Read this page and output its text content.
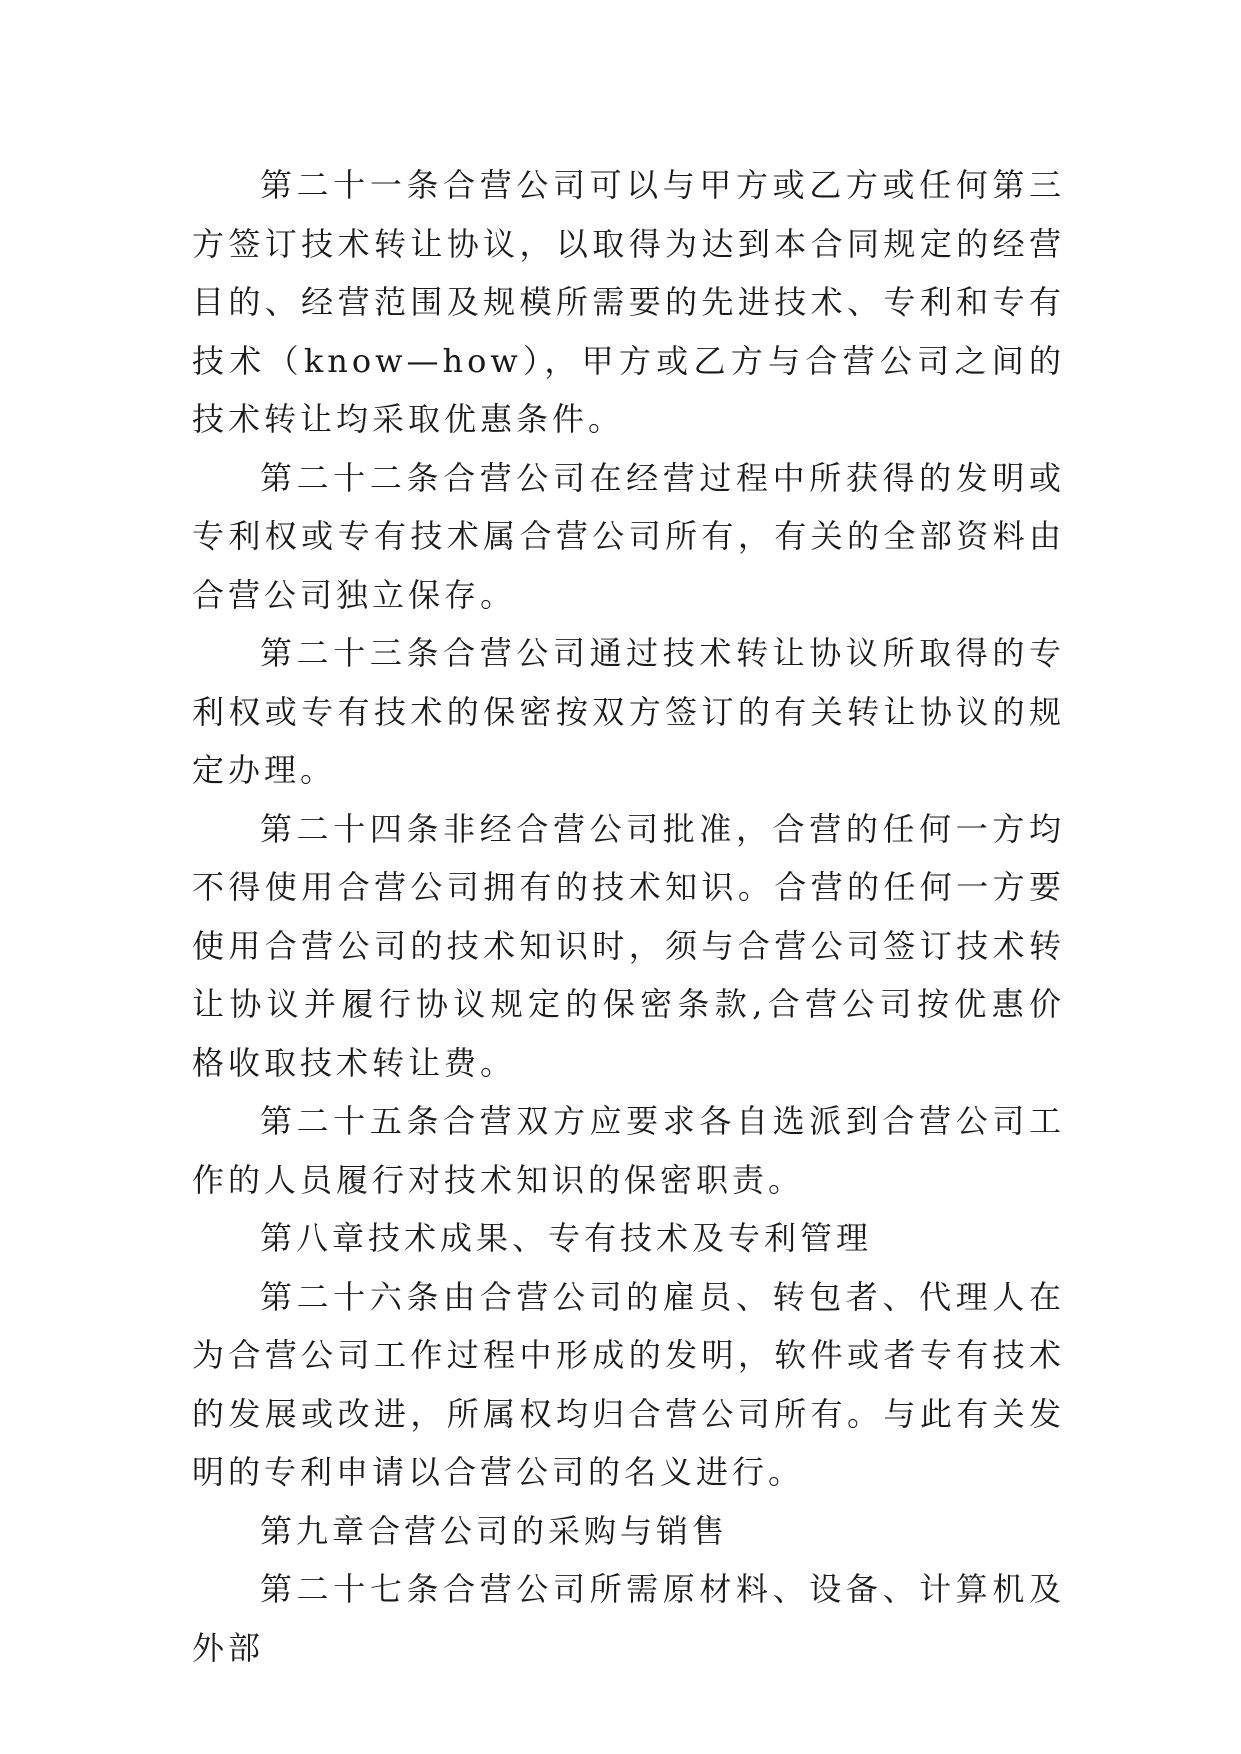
第二十一条合营公司可以与甲方或乙方或任何第三方签订技术转让协议，以取得为达到本合同规定的经营目的、经营范围及规模所需要的先进技术、专利和专有技术（know—how），甲方或乙方与合营公司之间的技术转让均采取优惠条件。

第二十二条合营公司在经营过程中所获得的发明或专利权或专有技术属合营公司所有，有关的全部资料由合营公司独立保存。

第二十三条合营公司通过技术转让协议所取得的专利权或专有技术的保密按双方签订的有关转让协议的规定办理。

第二十四条非经合营公司批准，合营的任何一方均不得使用合营公司拥有的技术知识。合营的任何一方要使用合营公司的技术知识时，须与合营公司签订技术转让协议并履行协议规定的保密条款,合营公司按优惠价格收取技术转让费。

第二十五条合营双方应要求各自选派到合营公司工作的人员履行对技术知识的保密职责。

第八章技术成果、专有技术及专利管理

第二十六条由合营公司的雇员、转包者、代理人在为合营公司工作过程中形成的发明，软件或者专有技术的发展或改进，所属权均归合营公司所有。与此有关发明的专利申请以合营公司的名义进行。

第九章合营公司的采购与销售

第二十七条合营公司所需原材料、设备、计算机及外部
